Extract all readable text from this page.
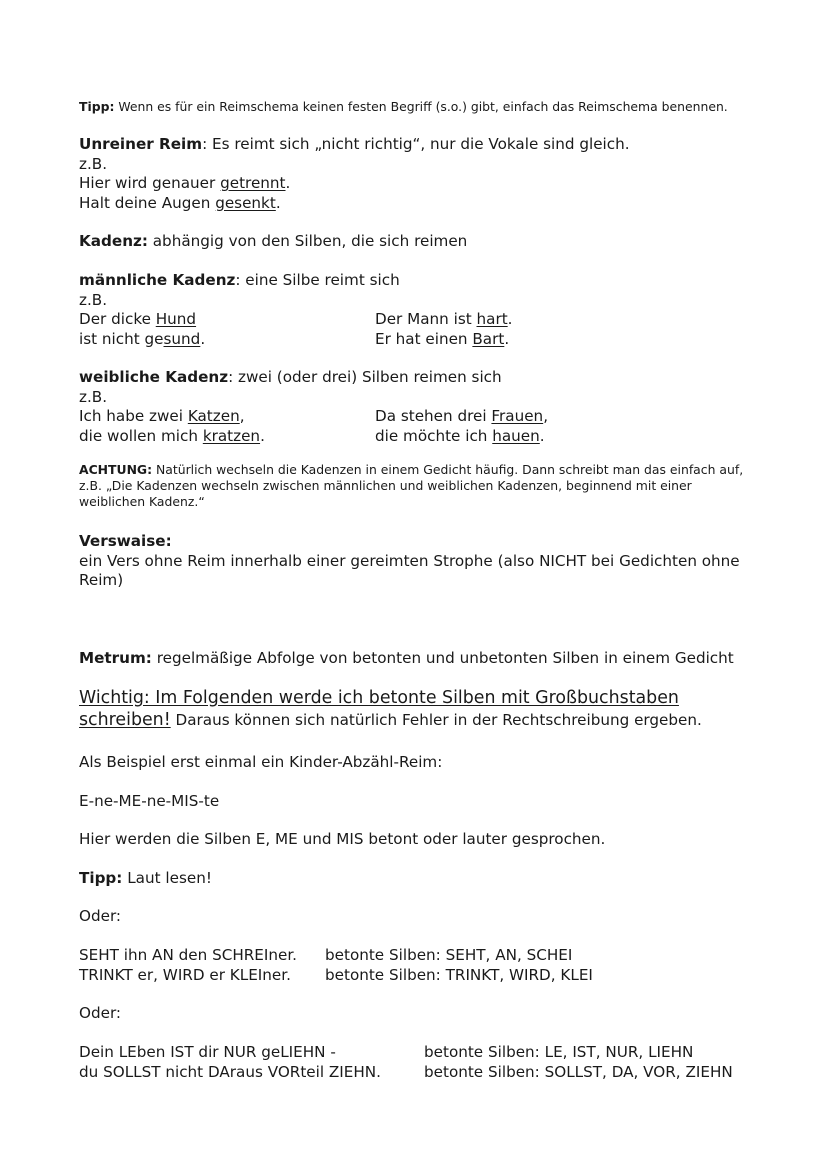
Tipp: Wenn es für ein Reimschema keinen festen Begriff (s.o.) gibt, einfach das Reimschema benennen.
Unreiner Reim: Es reimt sich „nicht richtig“, nur die Vokale sind gleich.
z.B.
Hier wird genauer getrennt.
Halt deine Augen gesenkt.
Kadenz: abhängig von den Silben, die sich reimen
männliche Kadenz: eine Silbe reimt sich
z.B.
Der dicke Hund
ist nicht gesund.
Der Mann ist hart.
Er hat einen Bart.
weibliche Kadenz: zwei (oder drei) Silben reimen sich
z.B.
Ich habe zwei Katzen,
die wollen mich kratzen.
Da stehen drei Frauen,
die möchte ich hauen.
ACHTUNG: Natürlich wechseln die Kadenzen in einem Gedicht häufig. Dann schreibt man das einfach auf,
z.B. „Die Kadenzen wechseln zwischen männlichen und weiblichen Kadenzen, beginnend mit einer
weiblichen Kadenz.“
Verswaise:
ein Vers ohne Reim innerhalb einer gereimten Strophe (also NICHT bei Gedichten ohne
Reim)
Metrum: regelmäßige Abfolge von betonten und unbetonten Silben in einem Gedicht
Wichtig: Im Folgenden werde ich betonte Silben mit Großbuchstaben
schreiben! Daraus können sich natürlich Fehler in der Rechtschreibung ergeben.
Als Beispiel erst einmal ein Kinder-Abzähl-Reim:
E-ne-ME-ne-MIS-te
Hier werden die Silben E, ME und MIS betont oder lauter gesprochen.
Tipp: Laut lesen!
Oder:
SEHT ihn AN den SCHREIner.
TRINKT er, WIRD er KLEIner.
betonte Silben: SEHT, AN, SCHEI
betonte Silben: TRINKT, WIRD, KLEI
Oder:
Dein LEben IST dir NUR geLIEHN -
du SOLLST nicht DAraus VORteil ZIEHN.
betonte Silben: LE, IST, NUR, LIEHN
betonte Silben: SOLLST, DA, VOR, ZIEHN
